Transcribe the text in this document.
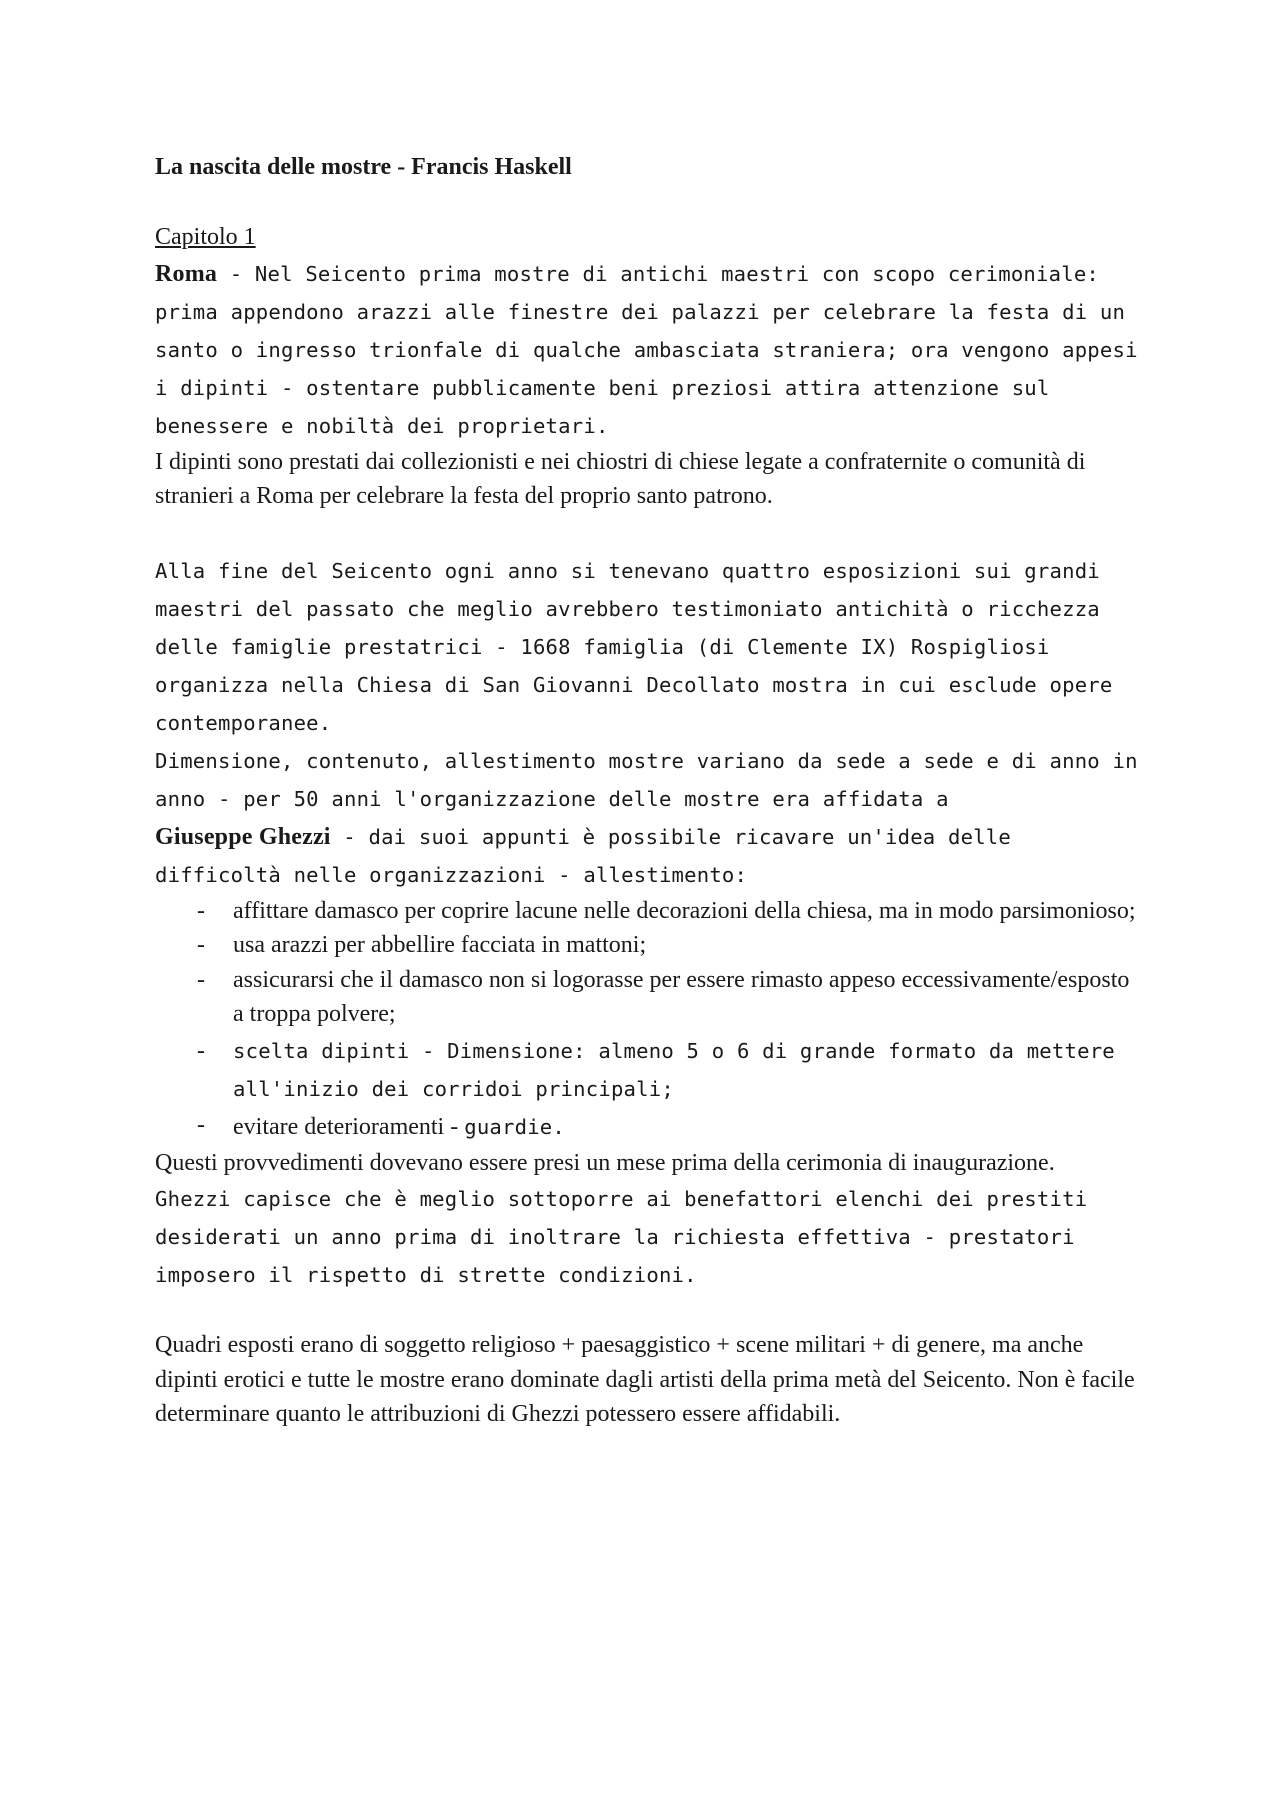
La nascita delle mostre - Francis Haskell

Capitolo 1

Roma - Nel Seicento prima mostre di antichi maestri con scopo cerimoniale: prima appendono arazzi alle finestre dei palazzi per celebrare la festa di un santo o ingresso trionfale di qualche ambasciata straniera; ora vengono appesi i dipinti - ostentare pubblicamente beni preziosi attira attenzione sul benessere e nobiltà dei proprietari.

I dipinti sono prestati dai collezionisti e nei chiostri di chiese legate a confraternite o comunità di stranieri a Roma per celebrare la festa del proprio santo patrono.

Alla fine del Seicento ogni anno si tenevano quattro esposizioni sui grandi maestri del passato che meglio avrebbero testimoniato antichità o ricchezza delle famiglie prestatrici - 1668 famiglia (di Clemente IX) Rospigliosi organizza nella Chiesa di San Giovanni Decollato mostra in cui esclude opere contemporanee.

Dimensione, contenuto, allestimento mostre variano da sede a sede e di anno in anno - per 50 anni l'organizzazione delle mostre era affidata a
Giuseppe Ghezzi - dai suoi appunti è possibile ricavare un'idea delle difficoltà nelle organizzazioni - allestimento:

- affittare damasco per coprire lacune nelle decorazioni della chiesa, ma in modo parsimonioso;
- usa arazzi per abbellire facciata in mattoni;
- assicurarsi che il damasco non si logorasse per essere rimasto appeso eccessivamente/esposto a troppa polvere;
- scelta dipinti - Dimensione: almeno 5 o 6 di grande formato da mettere all'inizio dei corridoi principali;
- evitare deterioramenti - guardie.

Questi provvedimenti dovevano essere presi un mese prima della cerimonia di inaugurazione.

Ghezzi capisce che è meglio sottoporre ai benefattori elenchi dei prestiti desiderati un anno prima di inoltrare la richiesta effettiva - prestatori imposero il rispetto di strette condizioni.

Quadri esposti erano di soggetto religioso + paesaggistico + scene militari + di genere, ma anche dipinti erotici e tutte le mostre erano dominate dagli artisti della prima metà del Seicento. Non è facile determinare quanto le attribuzioni di Ghezzi potessero essere affidabili.
